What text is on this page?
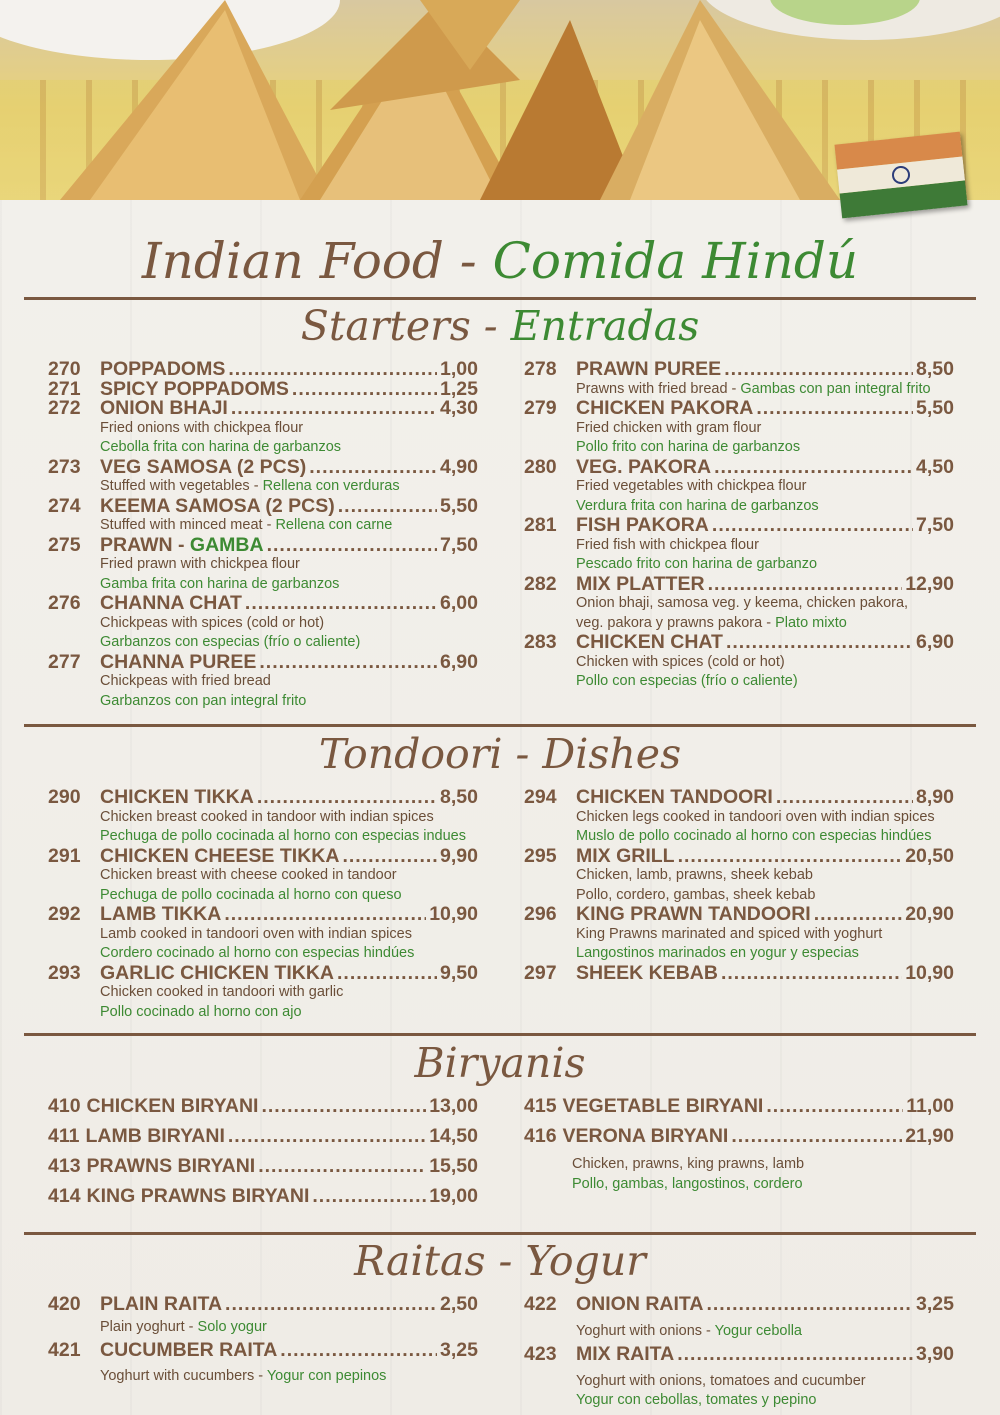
Indian Food - Comida Hindú
Starters - Entradas
270 POPPADOMS .....	1,00
271 SPICY POPPADOMS .....	1,25
272 ONION BHAJI .....	4,30
Fried onions with chickpea flour
Cebolla frita con harina de garbanzos
273 VEG SAMOSA (2 PCS) .....	4,90
Stuffed with vegetables - Rellena con verduras
274 KEEMA SAMOSA (2 PCS) .....	5,50
Stuffed with minced meat - Rellena con carne
275 PRAWN - GAMBA .....	7,50
Fried prawn with chickpea flour
Gamba frita con harina de garbanzos
276 CHANNA CHAT .....	6,00
Chickpeas with spices (cold or hot)
Garbanzos con especias (frío o caliente)
277 CHANNA PUREE .....	6,90
Chickpeas with fried bread
Garbanzos con pan integral frito
278 PRAWN PUREE .....	8,50
Prawns with fried bread - Gambas con pan integral frito
279 CHICKEN PAKORA .....	5,50
Fried chicken with gram flour
Pollo frito con harina de garbanzos
280 VEG. PAKORA .....	4,50
Fried vegetables with chickpea flour
Verdura frita con harina de garbanzos
281 FISH PAKORA .....	7,50
Fried fish with chickpea flour
Pescado frito con harina de garbanzo
282 MIX PLATTER .....	12,90
Onion bhaji, samosa veg. y keema, chicken pakora,
veg. pakora y prawns pakora - Plato mixto
283 CHICKEN CHAT .....	6,90
Chicken with spices (cold or hot)
Pollo con especias (frío o caliente)
Tondoori - Dishes
290 CHICKEN TIKKA .....	8,50
Chicken breast cooked in tandoor with indian spices
Pechuga de pollo cocinada al horno con especias indues
291 CHICKEN CHEESE TIKKA .....	9,90
Chicken breast with cheese cooked in tandoor
Pechuga de pollo cocinada al horno con queso
292 LAMB TIKKA .....	10,90
Lamb cooked in tandoori oven with indian spices
Cordero cocinado al horno con especias hindúes
293 GARLIC CHICKEN TIKKA .....	9,50
Chicken cooked in tandoori with garlic
Pollo cocinado al horno con ajo
294 CHICKEN TANDOORI .....	8,90
Chicken legs cooked in tandoori oven with indian spices
Muslo de pollo cocinado al horno con especias hindúes
295 MIX GRILL .....	20,50
Chicken, lamb, prawns, sheek kebab
Pollo, cordero, gambas, sheek kebab
296 KING PRAWN TANDOORI .....	20,90
King Prawns marinated and spiced with yoghurt
Langostinos marinados en yogur y especias
297 SHEEK KEBAB .....	10,90
Biryanis
410 CHICKEN BIRYANI .....	13,00
411 LAMB BIRYANI .....	14,50
413 PRAWNS BIRYANI .....	15,50
414 KING PRAWNS BIRYANI .....	19,00
415 VEGETABLE BIRYANI .....	11,00
416 VERONA BIRYANI .....	21,90
Chicken, prawns, king prawns, lamb
Pollo, gambas, langostinos, cordero
Raitas - Yogur
420 PLAIN RAITA .....	2,50
Plain yoghurt - Solo yogur
421 CUCUMBER RAITA .....	3,25
Yoghurt with cucumbers - Yogur con pepinos
422 ONION RAITA .....	3,25
Yoghurt with onions - Yogur cebolla
423 MIX RAITA .....	3,90
Yoghurt with onions, tomatoes and cucumber
Yogur con cebollas, tomates y pepino
